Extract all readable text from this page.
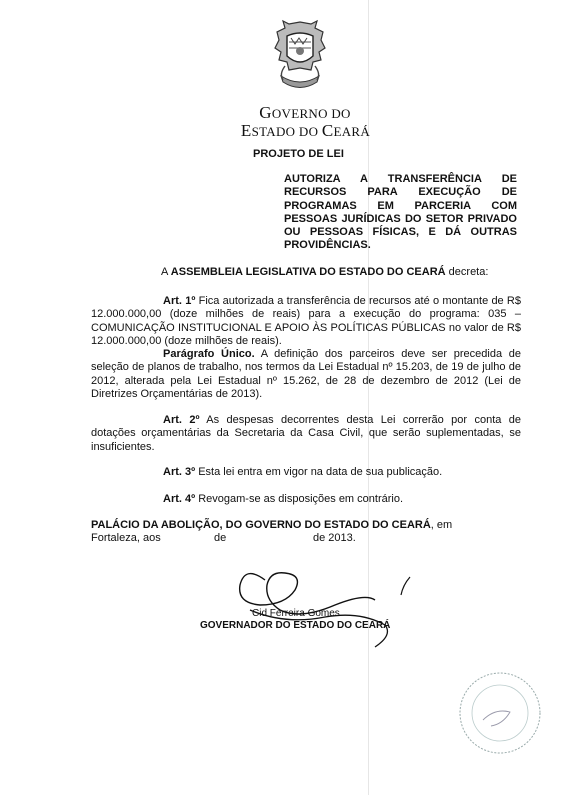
GOVERNO DO
ESTADO DO CEARÁ
PROJETO DE LEI
AUTORIZA A TRANSFERÊNCIA DE RECURSOS PARA EXECUÇÃO DE PROGRAMAS EM PARCERIA COM PESSOAS JURÍDICAS DO SETOR PRIVADO OU PESSOAS FÍSICAS, E DÁ OUTRAS PROVIDÊNCIAS.
A ASSEMBLEIA LEGISLATIVA DO ESTADO DO CEARÁ decreta:
Art. 1º Fica autorizada a transferência de recursos até o montante de R$ 12.000.000,00 (doze milhões de reais) para a execução do programa: 035 – COMUNICAÇÃO INSTITUCIONAL E APOIO ÀS POLÍTICAS PÚBLICAS no valor de R$ 12.000.000,00 (doze milhões de reais).
Parágrafo Único. A definição dos parceiros deve ser precedida de seleção de planos de trabalho, nos termos da Lei Estadual nº 15.203, de 19 de julho de 2012, alterada pela Lei Estadual nº 15.262, de 28 de dezembro de 2012 (Lei de Diretrizes Orçamentárias de 2013).
Art. 2º As despesas decorrentes desta Lei correrão por conta de dotações orçamentárias da Secretaria da Casa Civil, que serão suplementadas, se insuficientes.
Art. 3º Esta lei entra em vigor na data de sua publicação.
Art. 4º Revogam-se as disposições em contrário.
PALÁCIO DA ABOLIÇÃO, DO GOVERNO DO ESTADO DO CEARÁ, em
Fortaleza, aos	de	de 2013.
Cid Ferreira Gomes
GOVERNADOR DO ESTADO DO CEARÁ
